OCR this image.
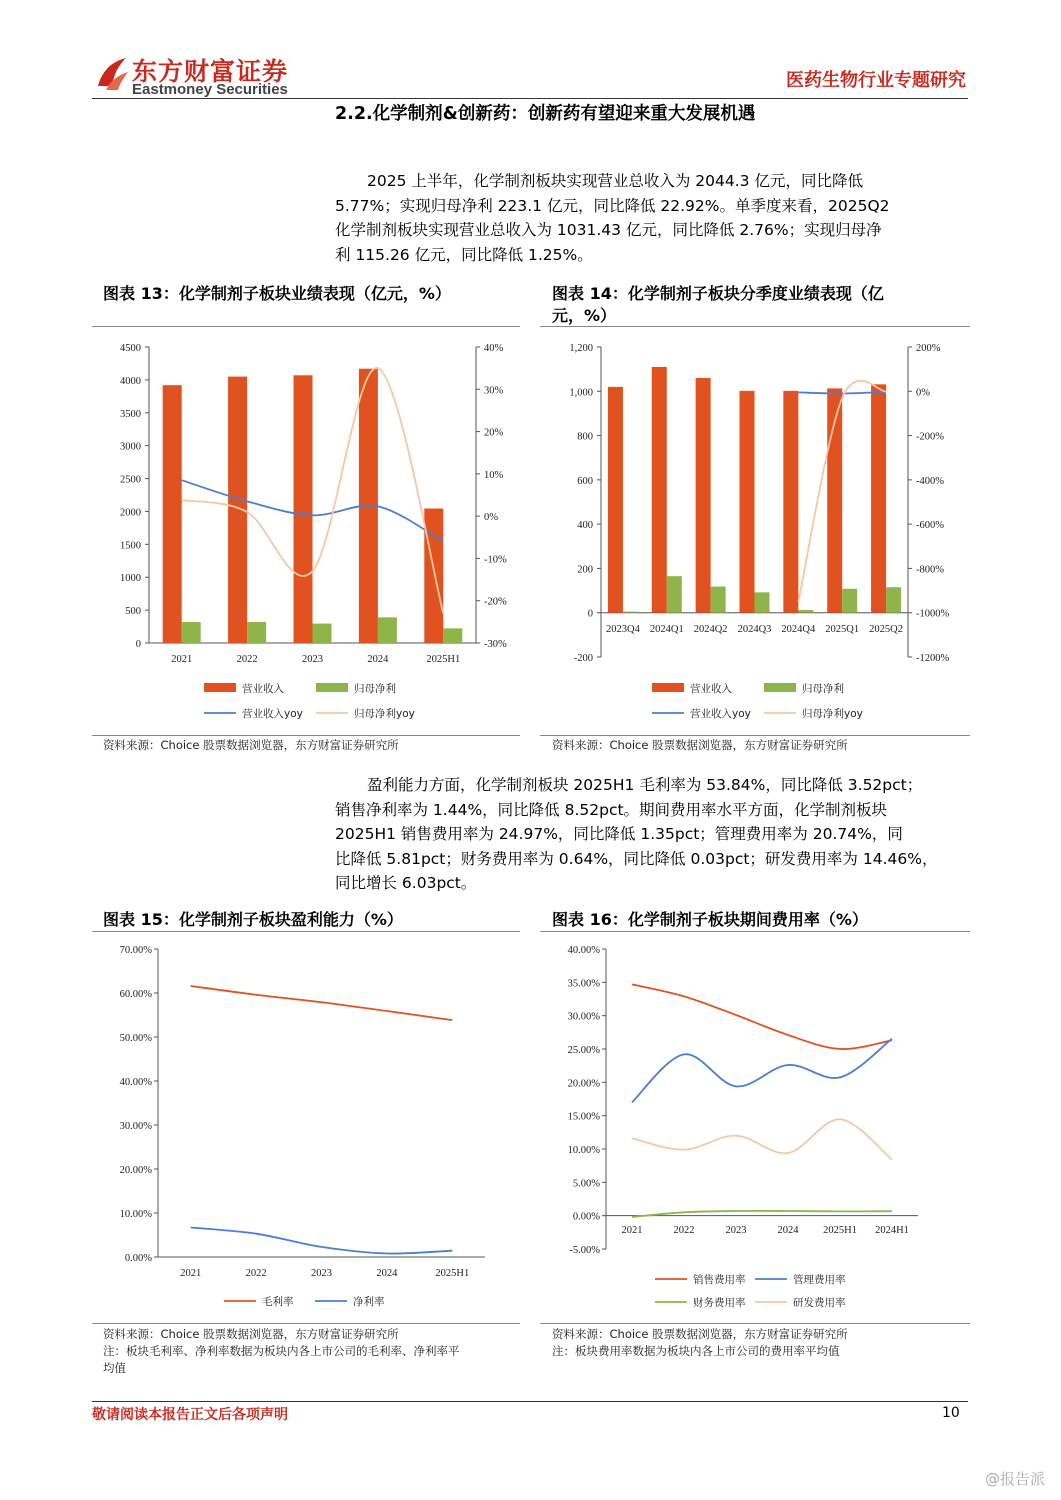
东方财富证券
Eastmoney Securities	医药生物行业专题研究
2.2.化学制剂&创新药：创新药有望迎来重大发展机遇
2025 上半年，化学制剂板块实现营业总收入为 2044.3 亿元，同比降低
5.77%；实现归母净利 223.1 亿元，同比降低 22.92%。单季度来看，2025Q2
化学制剂板块实现营业总收入为 1031.43 亿元，同比降低 2.76%；实现归母净
利 115.26 亿元，同比降低 1.25%。
图表 13：化学制剂子板块业绩表现（亿元，%）
0
500
1000
1500
2000
2500
3000
3500
4000
4500
-30%
-20%
-10%
0%
10%
20%
30%
40%
2021	2022	2023	2024	2025H1
营业收入	归母净利
营业收入yoy	归母净利yoy
资料来源：Choice 股票数据浏览器，东方财富证券研究所
图表 14：化学制剂子板块分季度业绩表现（亿
元，%）
-200
0
200
400
600
800
1,000
1,200
-1200%
-1000%
-800%
-600%
-400%
-200%
0%
200%
2023Q4 2024Q1 2024Q2 2024Q3 2024Q4 2025Q1 2025Q2
营业收入	归母净利
营业收入yoy	归母净利yoy
资料来源：Choice 股票数据浏览器，东方财富证券研究所
盈利能力方面，化学制剂板块 2025H1 毛利率为 53.84%，同比降低 3.52pct；
销售净利率为 1.44%，同比降低 8.52pct。期间费用率水平方面，化学制剂板块
2025H1 销售费用率为 24.97%，同比降低 1.35pct；管理费用率为 20.74%，同
比降低 5.81pct；财务费用率为 0.64%，同比降低 0.03pct；研发费用率为 14.46%，
同比增长 6.03pct。
图表 15：化学制剂子板块盈利能力（%）
0.00%
10.00%
20.00%
30.00%
40.00%
50.00%
60.00%
70.00%
2021	2022	2023	2024	2025H1
毛利率	净利率
资料来源：Choice 股票数据浏览器，东方财富证券研究所
注：板块毛利率、净利率数据为板块内各上市公司的毛利率、净利率平
均值
图表 16：化学制剂子板块期间费用率（%）
-5.00%
0.00%
5.00%
10.00%
15.00%
20.00%
25.00%
30.00%
35.00%
40.00%
2021	2022	2023	2024 2025H1 2024H1
销售费用率	管理费用率
财务费用率	研发费用率
资料来源：Choice 股票数据浏览器，东方财富证券研究所
注：板块费用率数据为板块内各上市公司的费用率平均值
敬请阅读本报告正文后各项声明	10
@报告派
